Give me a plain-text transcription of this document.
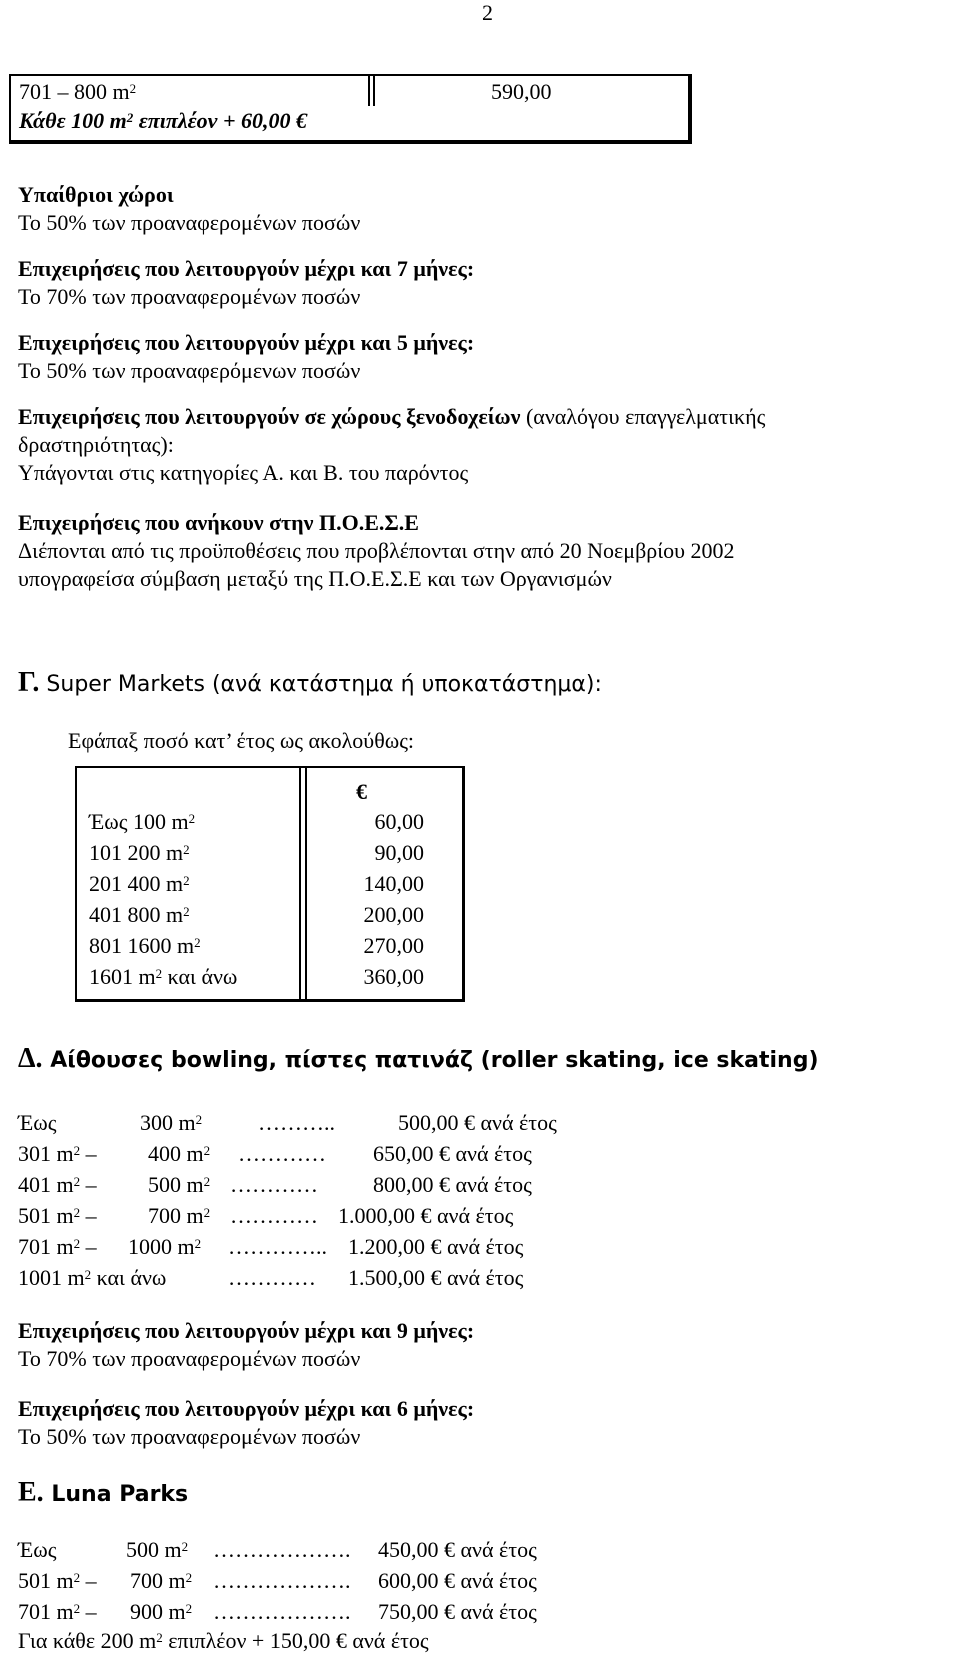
2
701 – 800 $m^2$	590,00
Κάθε 100 $m^2$ επιπλέον + 60,00 €
Υπαίθριοι χώροι
Το 50% των προαναφερομένων ποσών
Επιχειρήσεις που λειτουργούν μέχρι και 7 μήνες:
Το 70% των προαναφερομένων ποσών
Επιχειρήσεις που λειτουργούν μέχρι και 5 μήνες:
Το 50% των προαναφερόμενων ποσών
Επιχειρήσεις που λειτουργούν σε χώρους ξενοδοχείων (αναλόγου επαγγελματικής
δραστηριότητας):
Υπάγονται στις κατηγορίες Α. και Β. του παρόντος
Επιχειρήσεις που ανήκουν στην Π.Ο.Ε.Σ.Ε
Διέπονται από τις προϋποθέσεις που προβλέπονται στην από 20 Νοεμβρίου 2002
υπογραφείσα σύμβαση μεταξύ της Π.Ο.Ε.Σ.Ε και των Οργανισμών
Γ. Super Markets (ανά κατάστημα ή υποκατάστημα):
Εφάπαξ ποσό κατ’ έτος ως ακολούθως:
€
Έως 100 $m^2$	60,00
101 200 $m^2$	90,00
201 400 $m^2$	140,00
401 800 $m^2$	200,00
801 1600 $m^2$	270,00
1601 $m^2$ και άνω	360,00
Δ. Αίθουσες bowling, πίστες πατινάζ (roller skating, ice skating)
Έως	300 $m^2$	………..	500,00 € ανά έτος
301 $m^2 - 400$ $m^2$ ………… 650,00 € ανά έτος
401 $m^2 - 500$ $m^2$ …………	800,00 € ανά έτος
501 $m^2 - 700$ $m^2$ ………… 1.000,00 € ανά έτος
701 $m^2 - 1000$ $m^2$ ………….. 1.200,00 € ανά έτος
1001 $m^2$ και άνω	………… 1.500,00 € ανά έτος
Επιχειρήσεις που λειτουργούν μέχρι και 9 μήνες:
Το 70% των προαναφερομένων ποσών
Επιχειρήσεις που λειτουργούν μέχρι και 6 μήνες:
Το 50% των προαναφερομένων ποσών
Ε. Luna Parks
Έως	500 $m^2$ ………………. 450,00 € ανά έτος
501 $m^2 - 700$ $m^2$ ………………. 600,00 € ανά έτος
701 $m^2 - 900$ $m^2$ ………………. 750,00 € ανά έτος
Για κάθε 200 $m^2$ επιπλέον + 150,00 € ανά έτος
